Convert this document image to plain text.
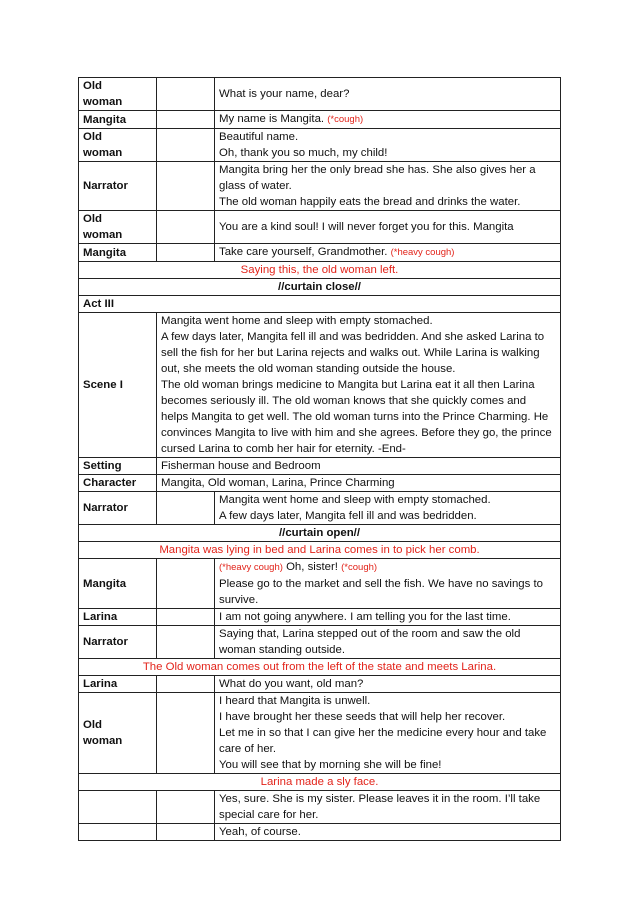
Old
woman		What is your name, dear?

Mangita		My name is Mangita. (*cough)

Old
woman		Beautiful name.
Oh, thank you so much, my child!

Narrator		Mangita bring her the only bread she has. She also gives her a glass of water.
The old woman happily eats the bread and drinks the water.

Old
woman		You are a kind soul! I will never forget you for this. Mangita

Mangita		Take care yourself, Grandmother. (*heavy cough)

Saying this, the old woman left.		
//curtain close//		
Act III		
Scene I	Mangita went home and sleep with empty stomached.
A few days later, Mangita fell ill and was bedridden. And she asked Larina to sell the fish for her but Larina rejects and walks out. While Larina is walking out, she meets the old woman standing outside the house.
The old woman brings medicine to Mangita but Larina eat it all then Larina becomes seriously ill. The old woman knows that she quickly comes and helps Mangita to get well. The old woman turns into the Prince Charming. He convinces Mangita to live with him and she agrees. Before they go, the prince cursed Larina to comb her hair for eternity. -End-	

Setting	Fisherman house and Bedroom	

Character	Mangita, Old woman, Larina, Prince Charming	

Narrator		Mangita went home and sleep with empty stomached.
A few days later, Mangita fell ill and was bedridden.

//curtain open//		
Mangita was lying in bed and Larina comes in to pick her comb.		
Mangita		(*heavy cough) Oh, sister! (*cough)
Please go to the market and sell the fish. We have no savings to survive.

Larina		I am not going anywhere. I am telling you for the last time.

Narrator		Saying that, Larina stepped out of the room and saw the old woman standing outside.

The Old woman comes out from the left of the state and meets Larina.		
Larina		What do you want, old man?

Old
woman		I heard that Mangita is unwell.
I have brought her these seeds that will help her recover.
Let me in so that I can give her the medicine every hour and take care of her.
You will see that by morning she will be fine!

Larina made a sly face.		

		Yes, sure. She is my sister. Please leaves it in the room. I’ll take special care for her.

		Yeah, of course.
